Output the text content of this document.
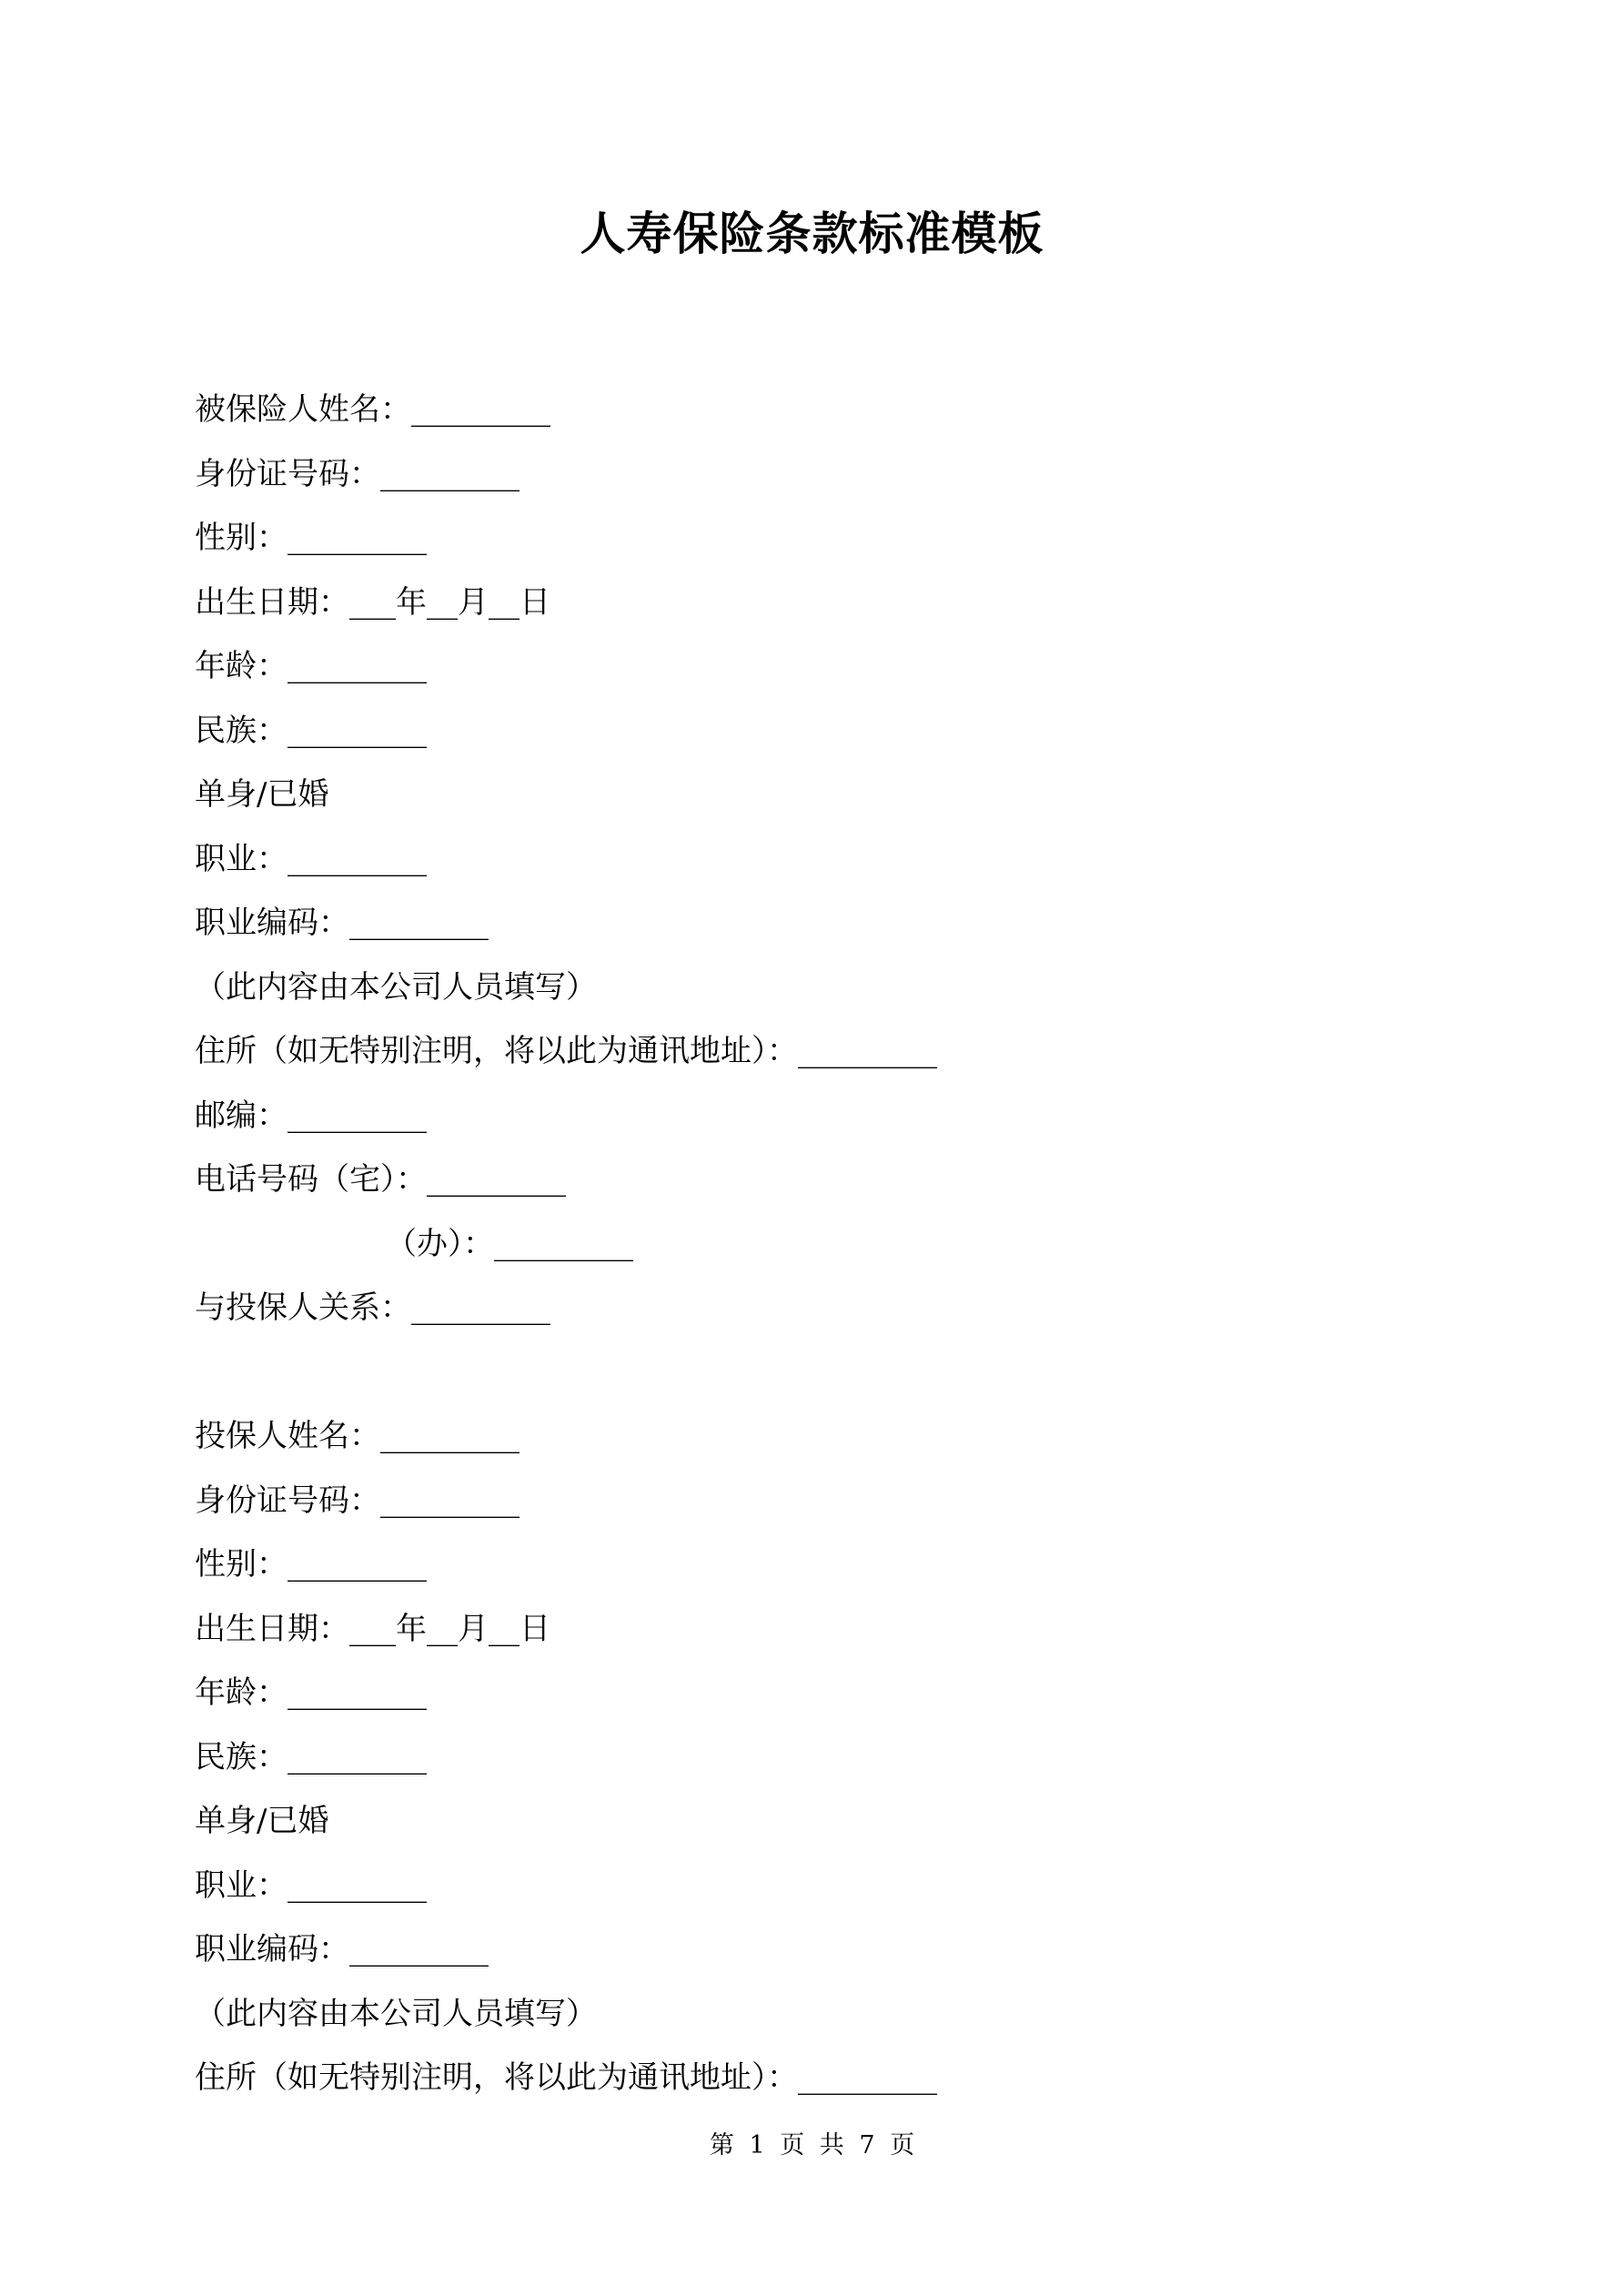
人寿保险条款标准模板
被保险人姓名：_________
身份证号码：_________
性别：_________
出生日期：___年__月__日
年龄：_________
民族：_________
单身/已婚
职业：_________
职业编码：_________
（此内容由本公司人员填写）
住所（如无特别注明，将以此为通讯地址）：_________
邮编：_________
电话号码（宅）：_________
（办）：_________
与投保人关系：_________
投保人姓名：_________
身份证号码：_________
性别：_________
出生日期：___年__月__日
年龄：_________
民族：_________
单身/已婚
职业：_________
职业编码：_________
（此内容由本公司人员填写）
住所（如无特别注明，将以此为通讯地址）：_________
第 1 页 共 7 页
